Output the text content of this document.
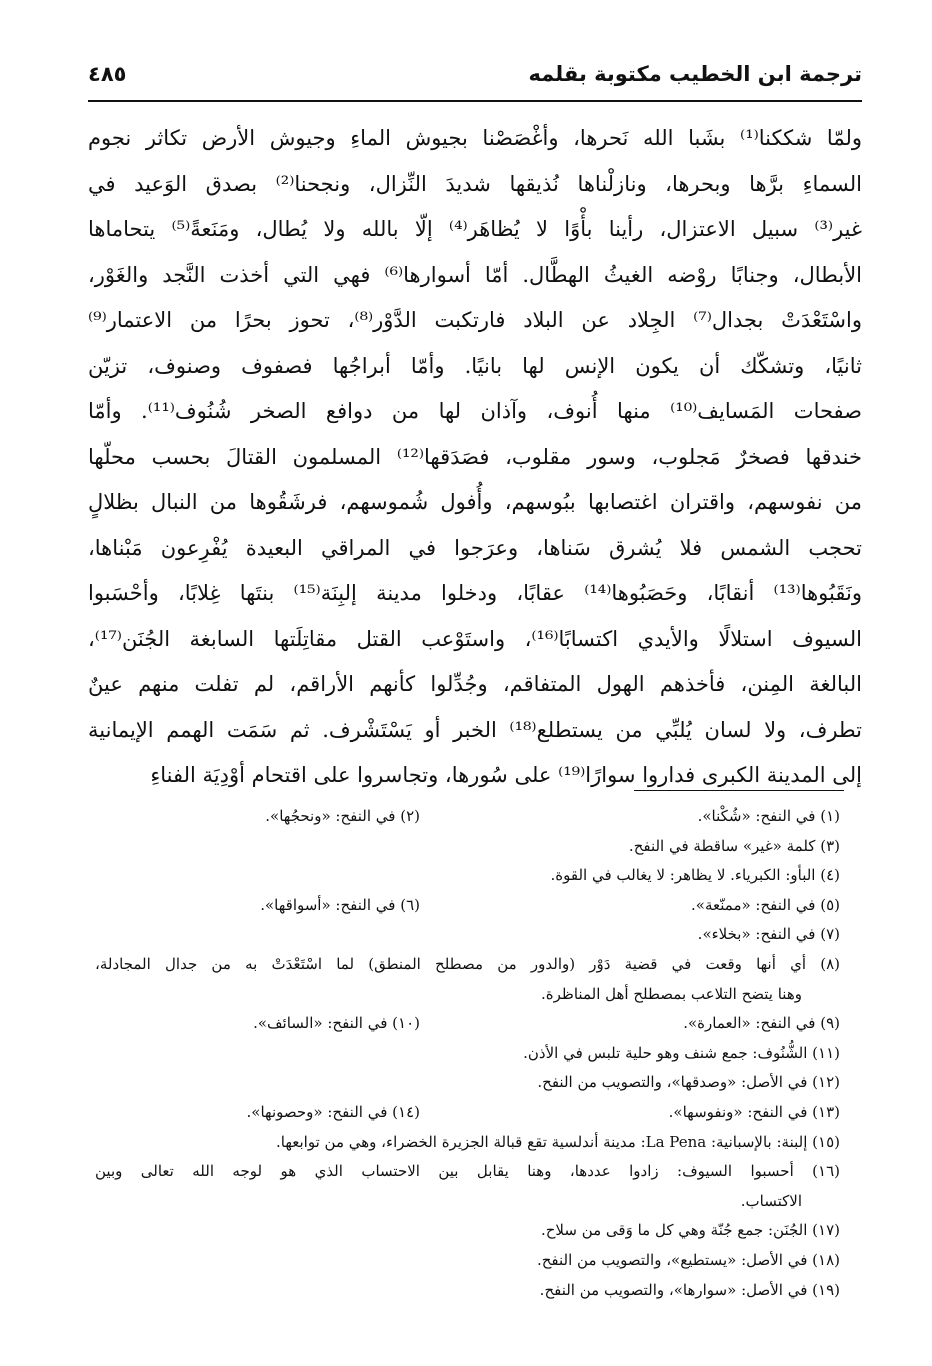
ترجمة ابن الخطيب مكتوبة بقلمه
٤٨٥
ولمّا شككنا⁽¹⁾ بشَبا الله نَحرها، وأغْصَصْنا بجيوش الماءِ وجيوش الأرض تكاثر نجوم
السماءِ برَّها وبحرها، ونازلْناها نُذيقها شديدَ النِّزال، ونجحنا⁽²⁾ بصدق الوَعيد في
غير⁽³⁾ سبيل الاعتزال، رأينا بأْوًا لا يُظاهَر⁽⁴⁾ إلّا بالله ولا يُطال، ومَنَعةً⁽⁵⁾ يتحاماها
الأبطال، وجنابًا روْضه الغيثُ الهطَّال. أمّا أسوارها⁽⁶⁾ فهي التي أخذت النَّجد والغَوْر،
واسْتَعْدَتْ بجدال⁽⁷⁾ الجِلاد عن البلاد فارتكبت الدَّوْر⁽⁸⁾، تحوز بحرًا من الاعتمار⁽⁹⁾
ثانيًا، وتشكّك أن يكون الإنس لها بانيًا. وأمّا أبراجُها فصفوف وصنوف، تزيّن
صفحات المَسايف⁽¹⁰⁾ منها أُنوف، وآذان لها من دوافع الصخر شُنُوف⁽¹¹⁾. وأمّا
خندقها فصخرٌ مَجلوب، وسور مقلوب، فصَدَقها⁽¹²⁾ المسلمون القتالَ بحسب محلّها
من نفوسهم، واقتران اغتصابها ببُوسهم، وأُفول شُموسهم، فرشَقُوها من النبال بظلالٍ
تحجب الشمس فلا يُشرق سَناها، وعرَجوا في المراقي البعيدة يُفْرِعون مَبْناها،
ونَقَبُوها⁽¹³⁾ أنقابًا، وحَصَبُوها⁽¹⁴⁾ عقابًا، ودخلوا مدينة إلبِنَة⁽¹⁵⁾ بنتَها غِلابًا، وأحْسَبوا
السيوف استلالًا والأيدي اكتسابًا⁽¹⁶⁾، واستَوْعب القتل مقاتِلَتها السابغة الجُنَن⁽¹⁷⁾،
البالغة المِنن، فأخذهم الهول المتفاقم، وجُدِّلوا كأنهم الأراقم، لم تفلت منهم عينٌ
تطرف، ولا لسان يُلبِّي من يستطلع⁽¹⁸⁾ الخبر أو يَسْتَشْرف. ثم سَمَت الهمم الإيمانية
إلى المدينة الكبرى فداروا سوارًا⁽¹⁹⁾ على سُورها، وتجاسروا على اقتحام أوْدِيَة الفناءِ
(١) في النفح: «شُكْنا».
(٢) في النفح: «ونحجُها».
(٣) كلمة «غير» ساقطة في النفح.
(٤) البأو: الكبرياء. لا يظاهر: لا يغالب في القوة.
(٥) في النفح: «ممنّعة».
(٦) في النفح: «أسواقها».
(٧) في النفح: «بخلاء».
(٨) أي أنها وقعت في قضية دَوْر (والدور من مصطلح المنطق) لما اسْتَعْدَتْ به من جدال المجادلة،
وهنا يتضح التلاعب بمصطلح أهل المناظرة.
(٩) في النفح: «العمارة».
(١٠) في النفح: «السائف».
(١١) الشُّنُوف: جمع شنف وهو حلية تلبس في الأذن.
(١٢) في الأصل: «وصدقها»، والتصويب من النفح.
(١٣) في النفح: «ونفوسها».
(١٤) في النفح: «وحصونها».
(١٥) إلبنة: بالإسبانية: La Pena: مدينة أندلسية تقع قبالة الجزيرة الخضراء، وهي من توابعها.
(١٦) أحسبوا السيوف: زادوا عددها، وهنا يقابل بين الاحتساب الذي هو لوجه الله تعالى وبين
الاكتساب.
(١٧) الجُنَن: جمع جُنّة وهي كل ما وَقى من سلاح.
(١٨) في الأصل: «يستطيع»، والتصويب من النفح.
(١٩) في الأصل: «سوارها»، والتصويب من النفح.
